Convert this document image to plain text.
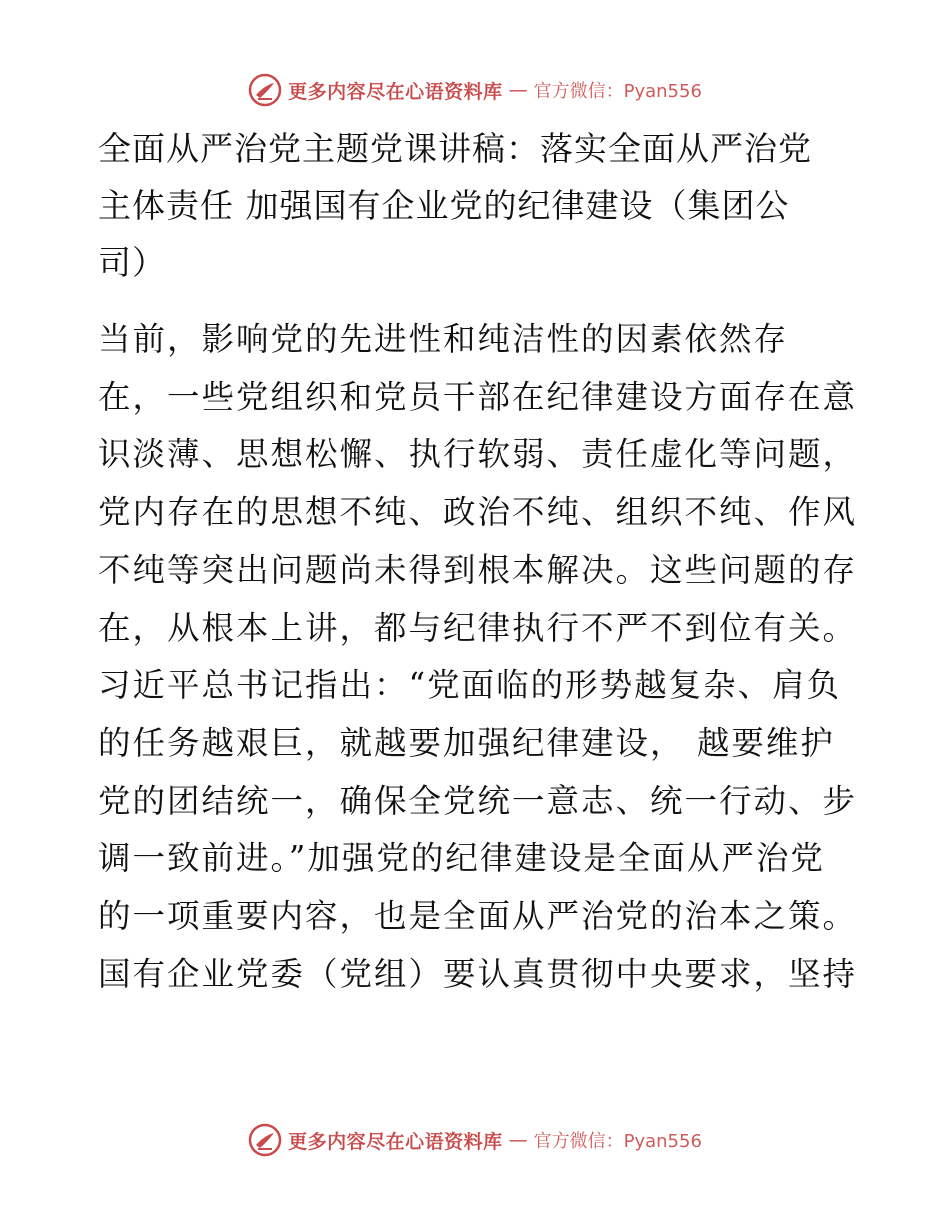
更多内容尽在心语资料库 — 官方微信：Pyan556
全面从严治党主题党课讲稿：落实全面从严治党
主体责任 加强国有企业党的纪律建设（集团公
司）
当前，影响党的先进性和纯洁性的因素依然存
在，一些党组织和党员干部在纪律建设方面存在意
识淡薄、思想松懈、执行软弱、责任虚化等问题，
党内存在的思想不纯、政治不纯、组织不纯、作风
不纯等突出问题尚未得到根本解决。这些问题的存
在，从根本上讲，都与纪律执行不严不到位有关。
习近平总书记指出：“党面临的形势越复杂、肩负
的任务越艰巨，就越要加强纪律建设， 越要维护
党的团结统一，确保全党统一意志、统一行动、步
调一致前进。”加强党的纪律建设是全面从严治党
的一项重要内容，也是全面从严治党的治本之策。
国有企业党委（党组）要认真贯彻中央要求，坚持
更多内容尽在心语资料库 — 官方微信：Pyan556
